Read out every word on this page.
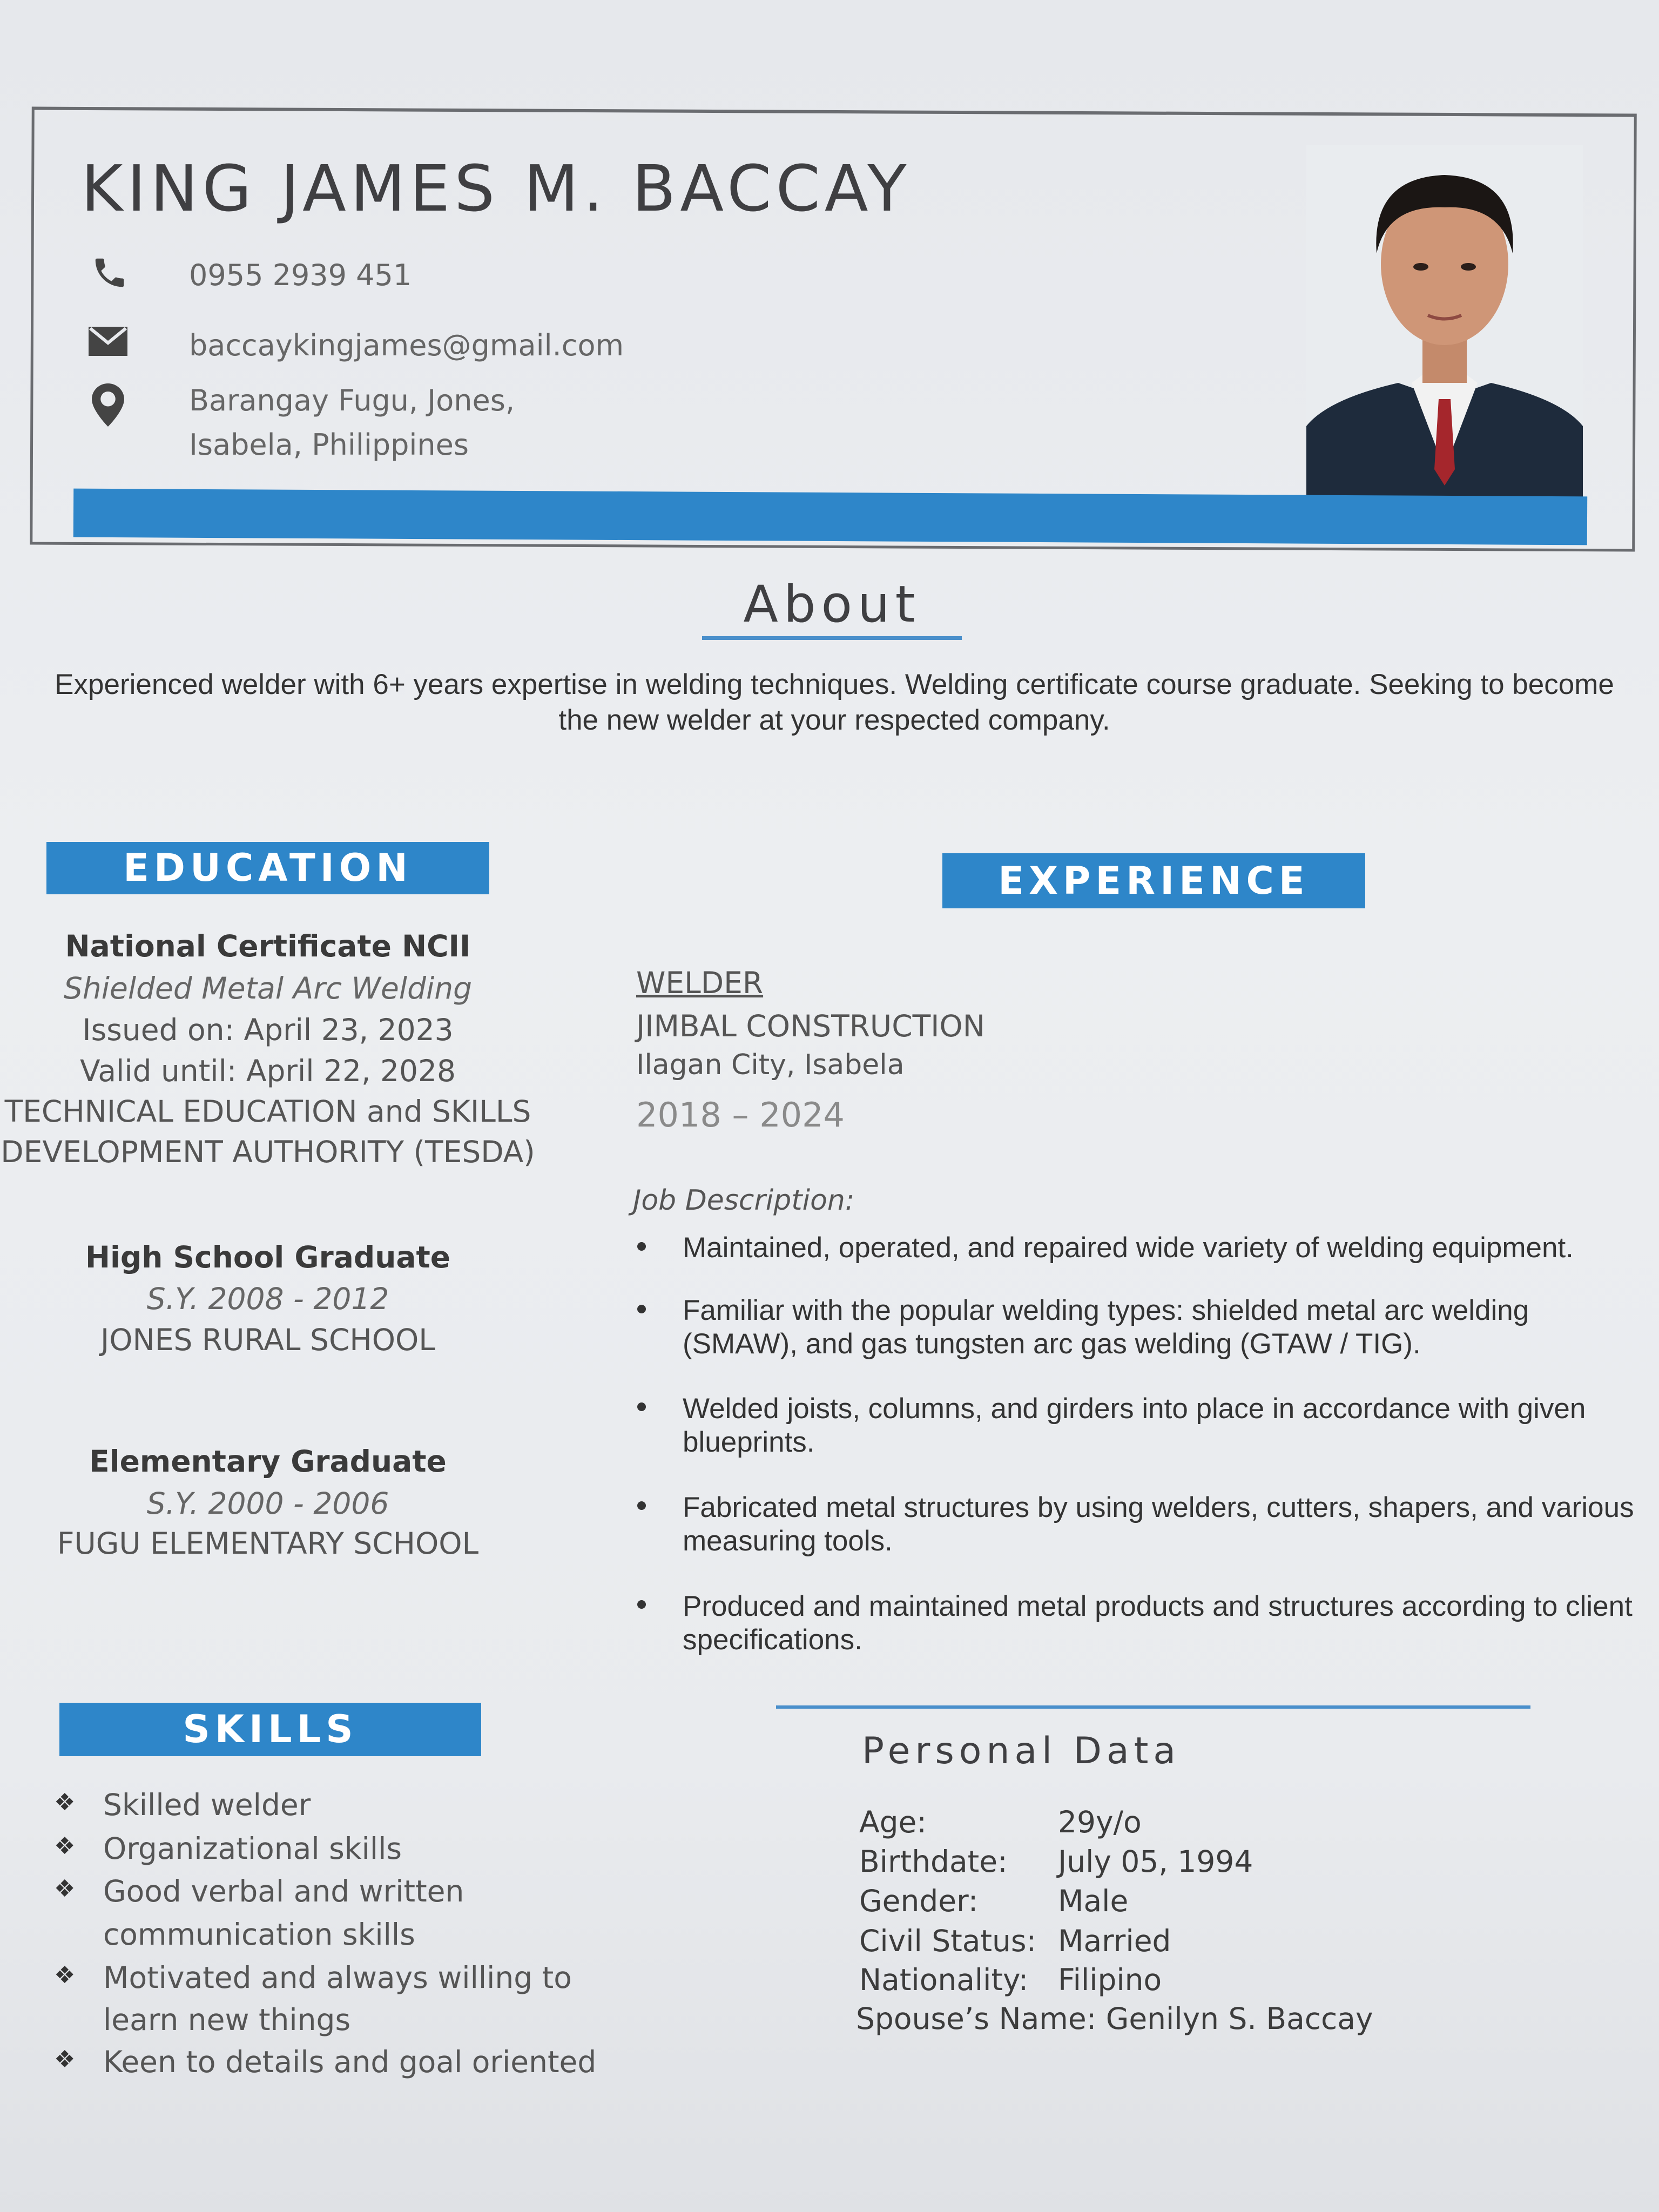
KING JAMES M. BACCAY
0955 2939 451
baccaykingjames@gmail.com
Barangay Fugu, Jones,
Isabela, Philippines
About
Experienced welder with 6+ years expertise in welding techniques. Welding certificate course graduate. Seeking to become the new welder at your respected company.
EDUCATION
National Certificate NCII
Shielded Metal Arc Welding
Issued on: April 23, 2023
Valid until: April 22, 2028
TECHNICAL EDUCATION and SKILLS
DEVELOPMENT AUTHORITY (TESDA)
High School Graduate
S.Y. 2008 - 2012
JONES RURAL SCHOOL
Elementary Graduate
S.Y. 2000 - 2006
FUGU ELEMENTARY SCHOOL
EXPERIENCE
WELDER
JIMBAL CONSTRUCTION
Ilagan City, Isabela
2018 – 2024
Job Description:
Maintained, operated, and repaired wide variety of welding equipment.
Familiar with the popular welding types: shielded metal arc welding (SMAW), and gas tungsten arc gas welding (GTAW / TIG).
Welded joists, columns, and girders into place in accordance with given blueprints.
Fabricated metal structures by using welders, cutters, shapers, and various measuring tools.
Produced and maintained metal products and structures according to client specifications.
Personal Data
Age:	29y/o
Birthdate: July 05, 1994
Gender:	Male
Civil Status: Married
Nationality: Filipino
Spouse’s Name: Genilyn S. Baccay
SKILLS
❖ Skilled welder
❖ Organizational skills
❖ Good verbal and written
communication skills
❖ Motivated and always willing to
learn new things
❖ Keen to details and goal oriented
